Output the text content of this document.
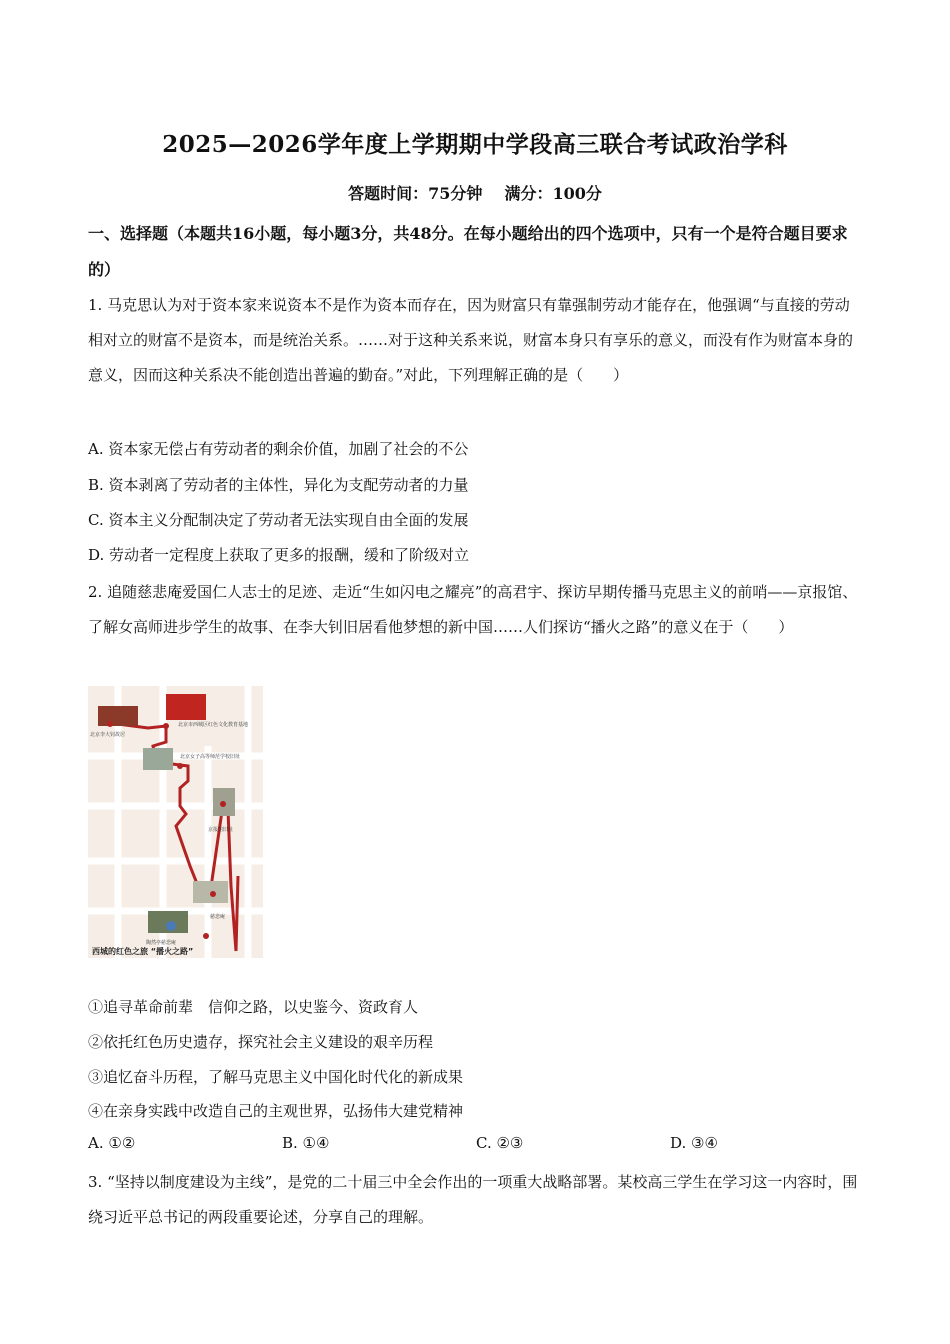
2025—2026学年度上学期期中学段高三联合考试政治学科
答题时间：75分钟 满分：100分
一、选择题（本题共16小题，每小题3分，共48分。在每小题给出的四个选项中，只有一个是符合题目要求的）
1. 马克思认为对于资本家来说资本不是作为资本而存在，因为财富只有靠强制劳动才能存在，他强调“与直接的劳动相对立的财富不是资本，而是统治关系。……对于这种关系来说，财富本身只有享乐的意义，而没有作为财富本身的意义，因而这种关系决不能创造出普遍的勤奋。”对此，下列理解正确的是（　　）
A. 资本家无偿占有劳动者的剩余价值，加剧了社会的不公
B. 资本剥离了劳动者的主体性，异化为支配劳动者的力量
C. 资本主义分配制决定了劳动者无法实现自由全面的发展
D. 劳动者一定程度上获取了更多的报酬，缓和了阶级对立
2. 追随慈悲庵爱国仁人志士的足迹、走近“生如闪电之耀亮”的高君宇、探访早期传播马克思主义的前哨——京报馆、了解女高师进步学生的故事、在李大钊旧居看他梦想的新中国……人们探访“播火之路”的意义在于（　　）
北京李大钊故居
北京市西城区红色文化教育基地
北京女子高等师范学校旧址
京报馆旧址
慈悲庵
陶然亭慈悲庵
西城的红色之旅 “播火之路”
①追寻革命前辈　信仰之路，以史鉴今、资政育人
②依托红色历史遗存，探究社会主义建设的艰辛历程
③追忆奋斗历程，了解马克思主义中国化时代化的新成果
④在亲身实践中改造自己的主观世界，弘扬伟大建党精神
A. ①②	B. ①④	C. ②③	D. ③④
3. “坚持以制度建设为主线”，是党的二十届三中全会作出的一项重大战略部署。某校高三学生在学习这一内容时，围绕习近平总书记的两段重要论述，分享自己的理解。
